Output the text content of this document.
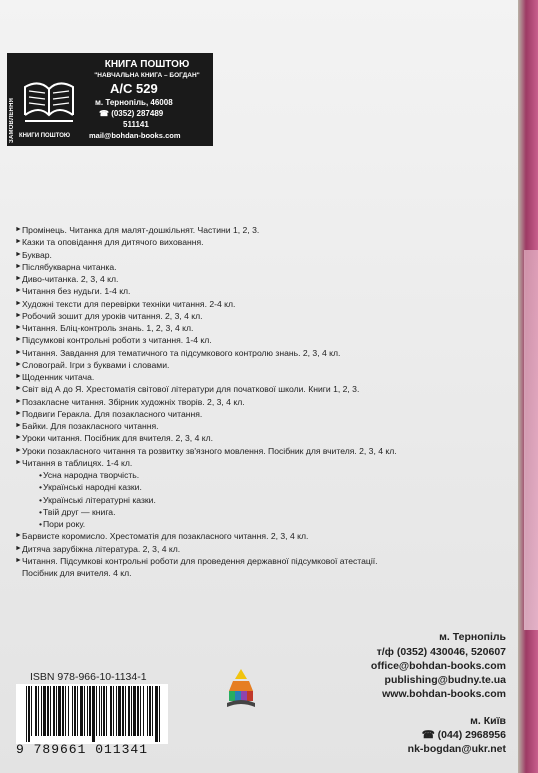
ЗАМОВЛЕННЯ КНИГИ ПОШТОЮ
КНИГА ПОШТОЮ
"НАВЧАЛЬНА КНИГА – БОГДАН"
А/С 529
м. Тернопіль, 46008
☎ (0352) 287489
511141
mail@bohdan-books.com
► Промінець. Читанка для малят-дошкільнят. Частини 1, 2, 3.
► Казки та оповідання для дитячого виховання.
► Буквар.
► Післябукварна читанка.
► Диво-читанка. 2, 3, 4 кл.
► Читання без нудьги. 1-4 кл.
► Художні тексти для перевірки техніки читання. 2-4 кл.
► Робочий зошит для уроків читання. 2, 3, 4 кл.
► Читання. Бліц-контроль знань. 1, 2, 3, 4 кл.
► Підсумкові контрольні роботи з читання. 1-4 кл.
► Читання. Завдання для тематичного та підсумкового контролю знань. 2, 3, 4 кл.
► Словограй. Ігри з буквами і словами.
► Щоденник читача.
► Світ від А до Я. Хрестоматія світової літератури для початкової школи. Книги 1, 2, 3.
► Позакласне читання. Збірник художніх творів. 2, 3, 4 кл.
► Подвиги Геракла. Для позакласного читання.
► Байки. Для позакласного читання.
► Уроки читання. Посібник для вчителя. 2, 3, 4 кл.
► Уроки позакласного читання та розвитку зв'язного мовлення. Посібник для вчителя. 2, 3, 4 кл.
► Читання в таблицях. 1-4 кл.
• Усна народна творчість.
• Українські народні казки.
• Українські літературні казки.
• Твій друг — книга.
• Пори року.
► Барвисте коромисло. Хрестоматія для позакласного читання. 2, 3, 4 кл.
► Дитяча зарубіжна література. 2, 3, 4 кл.
► Читання. Підсумкові контрольні роботи для проведення державної підсумкової атестації.
Посібник для вчителя. 4 кл.
ISBN 978-966-10-1134-1
9 789661 011341
м. Тернопіль
т/ф (0352) 430046, 520607
office@bohdan-books.com
publishing@budny.te.ua
www.bohdan-books.com
м. Київ
☎ (044) 2968956
nk-bogdan@ukr.net
